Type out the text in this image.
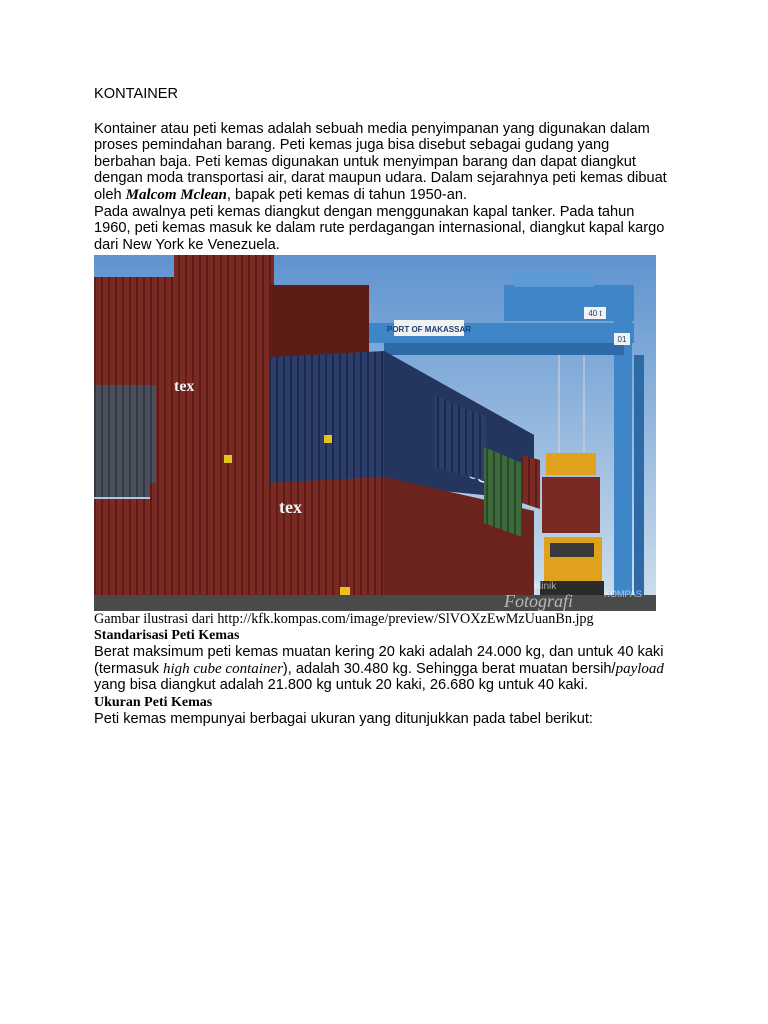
KONTAINER

Kontainer atau peti kemas adalah sebuah media penyimpanan yang digunakan dalam proses pemindahan barang. Peti kemas juga bisa disebut sebagai gudang yang berbahan baja. Peti kemas digunakan untuk menyimpan barang dan dapat diangkut dengan moda transportasi air, darat maupun udara. Dalam sejarahnya peti kemas dibuat oleh Malcom Mclean, bapak peti kemas di tahun 1950-an.

Pada awalnya peti kemas diangkut dengan menggunakan kapal tanker. Pada tahun 1960, peti kemas masuk ke dalam rute perdagangan internasional, diangkut kapal kargo dari New York ke Venezuela.

PORT OF MAKASSAR
40 t
01
tex
tex
klinik
Fotografi	KOMPAS

Gambar ilustrasi dari http://kfk.kompas.com/image/preview/SlVOXzEwMzUuanBn.jpg

Standarisasi Peti Kemas

Berat maksimum peti kemas muatan kering 20 kaki adalah 24.000 kg, dan untuk 40 kaki (termasuk high cube container), adalah 30.480 kg. Sehingga berat muatan bersih/payload yang bisa diangkut adalah 21.800 kg untuk 20 kaki, 26.680 kg untuk 40 kaki.

Ukuran Peti Kemas

Peti kemas mempunyai berbagai ukuran yang ditunjukkan pada tabel berikut:
